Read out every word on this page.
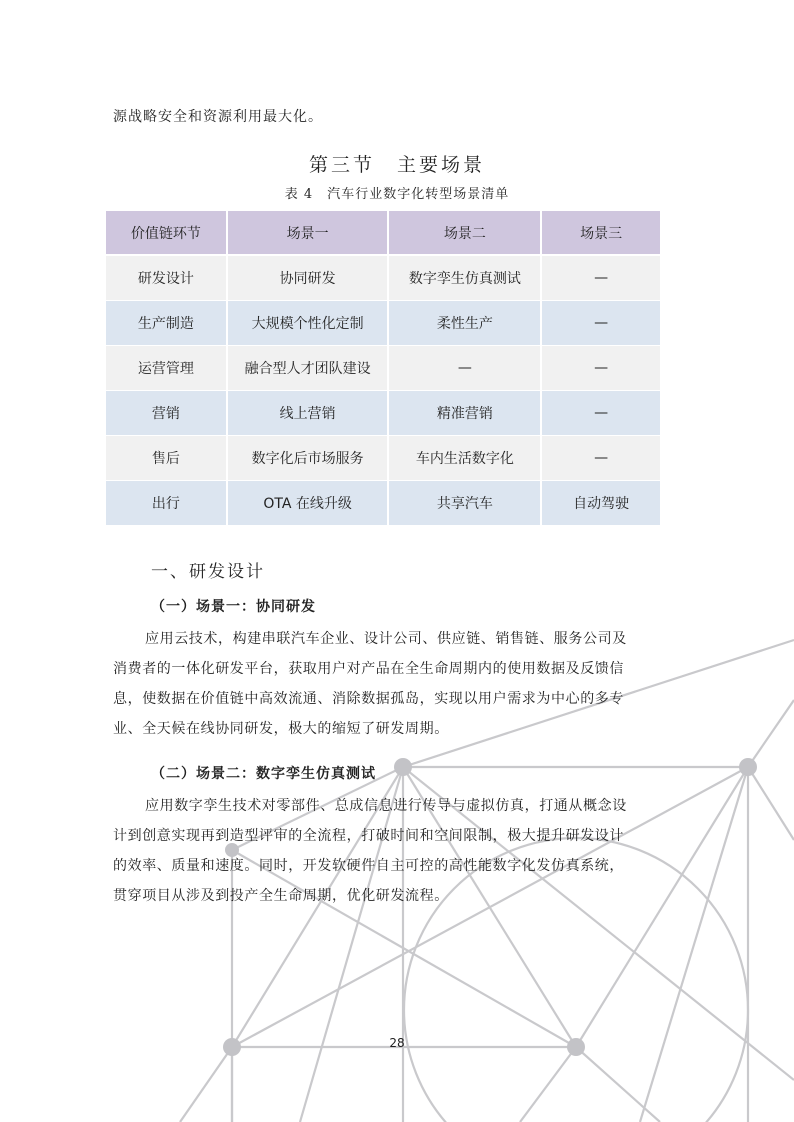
源战略安全和资源利用最大化。
第三节　主要场景
表 4　汽车行业数字化转型场景清单
价值链环节	场景一	场景二	场景三
研发设计	协同研发	数字孪生仿真测试	—
生产制造	大规模个性化定制	柔性生产	—
运营管理	融合型人才团队建设	—	—
营销	线上营销	精准营销	—
售后	数字化后市场服务	车内生活数字化	—
出行	OTA 在线升级	共享汽车	自动驾驶
一、研发设计
（一）场景一：协同研发
应用云技术，构建串联汽车企业、设计公司、供应链、销售链、服务公司及
消费者的一体化研发平台，获取用户对产品在全生命周期内的使用数据及反馈信
息，使数据在价值链中高效流通、消除数据孤岛，实现以用户需求为中心的多专
业、全天候在线协同研发，极大的缩短了研发周期。
（二）场景二：数字孪生仿真测试
应用数字孪生技术对零部件、总成信息进行传导与虚拟仿真，打通从概念设
计到创意实现再到造型评审的全流程，打破时间和空间限制，极大提升研发设计
的效率、质量和速度。同时，开发软硬件自主可控的高性能数字化发仿真系统，
贯穿项目从涉及到投产全生命周期，优化研发流程。
28
